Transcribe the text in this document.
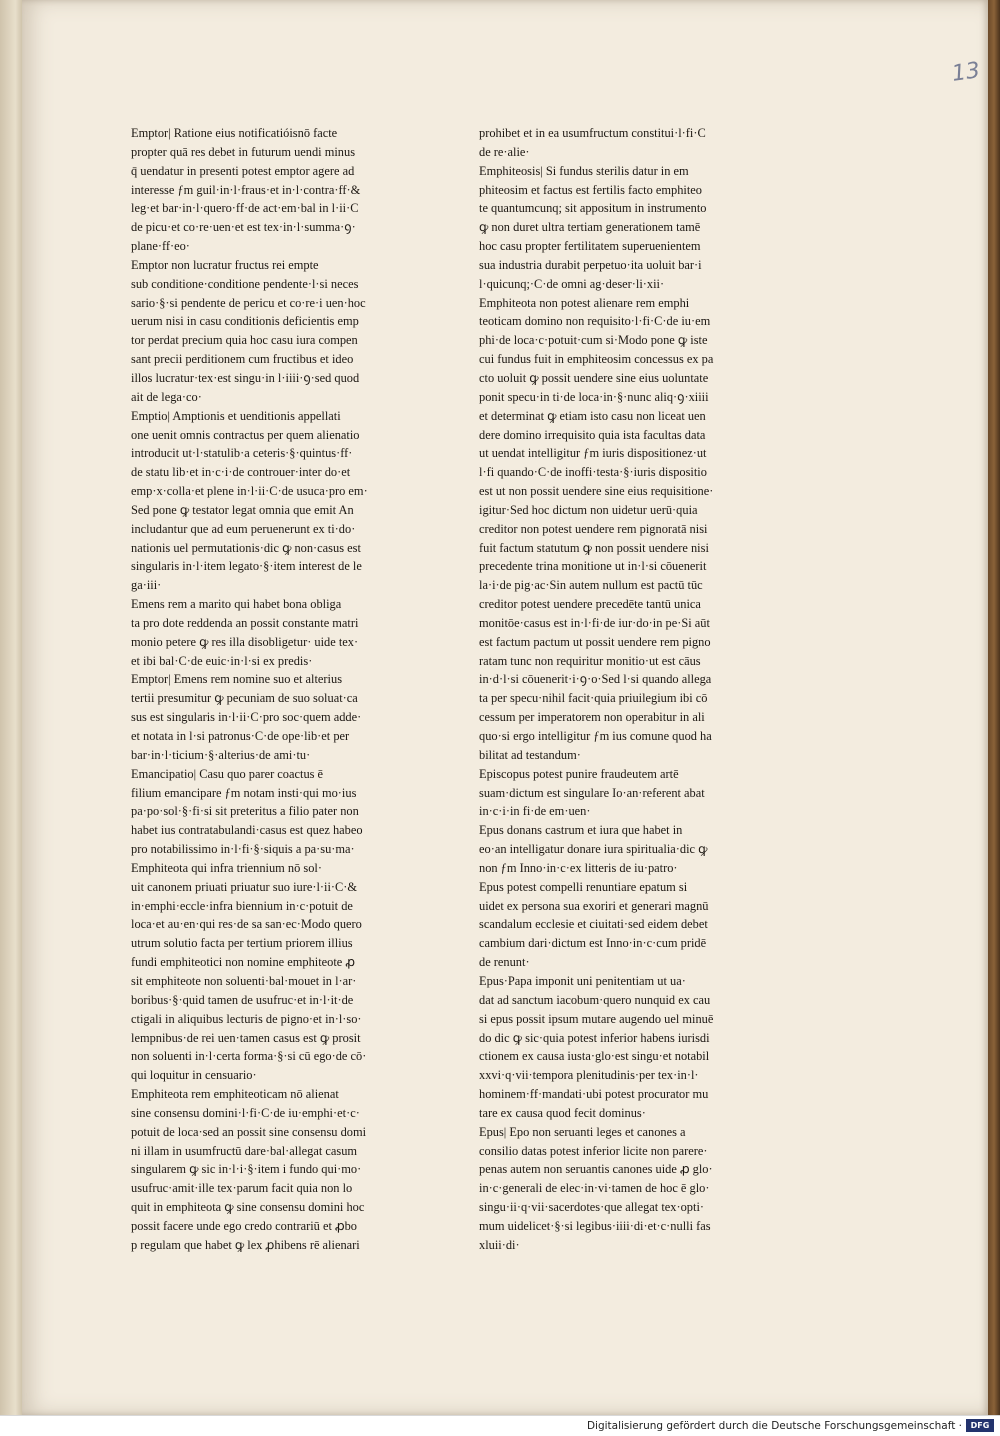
13
Emptor| Ratione eius notificatióisnō facte
propter quā res debet in futurum uendi minus
q̄ uendatur in presenti potest emptor agere ad
interesse ƒm guil·in·l·fraus·et in·l·contra·ff·&
leg·et bar·in·l·quero·ff·de act·em·bal in l·ii·C
de picu·et co·re·uen·et est tex·in·l·summa·ꝯ·
plane·ff·eo·
Emptor non lucratur fructus rei empte
sub conditione·conditione pendente·l·si neces
sario·§·si pendente de pericu et co·re·i uen·hoc
uerum nisi in casu conditionis deficientis emp
tor perdat precium quia hoc casu iura compen
sant precii perditionem cum fructibus et ideo
illos lucratur·tex·est singu·in l·iiii·ꝯ·sed quod
ait de lega·co·
Emptio| Amptionis et uenditionis appellati
one uenit omnis contractus per quem alienatio
introducit ut·l·statulib·a ceteris·§·quintus·ff·
de statu lib·et in·c·i·de controuer·inter do·et
emp·x·colla·et plene in·l·ii·C·de usuca·pro em·
Sed pone ꝙ testator legat omnia que emit An
includantur que ad eum peruenerunt ex ti·do·
nationis uel permutationis·dic ꝙ non·casus est
singularis in·l·item legato·§·item interest de le
ga·iii·
Emens rem a marito qui habet bona obliga
ta pro dote reddenda an possit constante matri
monio petere ꝙ res illa disobligetur· uide tex·
et ibi bal·C·de euic·in·l·si ex predis·
Emptor| Emens rem nomine suo et alterius
tertii presumitur ꝙ pecuniam de suo soluat·ca
sus est singularis in·l·ii·C·pro soc·quem adde·
et notata in l·si patronus·C·de ope·lib·et per
bar·in·l·ticium·§·alterius·de ami·tu·
Emancipatio| Casu quo parer coactus ē
filium emancipare ƒm notam insti·qui mo·ius
pa·po·sol·§·fi·si sit preteritus a filio pater non
habet ius contratabulandi·casus est quez habeo
pro notabilissimo in·l·fi·§·siquis a pa·su·ma·
Emphiteota qui infra triennium nō sol·
uit canonem priuati priuatur suo iure·l·ii·C·&
in·emphi·eccle·infra biennium in·c·potuit de
loca·et au·en·qui res·de sa san·ec·Modo quero
utrum solutio facta per tertium priorem illius
fundi emphiteotici non nomine emphiteote ꝓ
sit emphiteote non soluenti·bal·mouet in l·ar·
boribus·§·quid tamen de usufruc·et in·l·it·de
ctigali in aliquibus lecturis de pigno·et in·l·so·
lempnibus·de rei uen·tamen casus est ꝙ prosit
non soluenti in·l·certa forma·§·si cū ego·de cō·
qui loquitur in censuario·
Emphiteota rem emphiteoticam nō alienat
sine consensu domini·l·fi·C·de iu·emphi·et·c·
potuit de loca·sed an possit sine consensu domi
ni illam in usumfructū dare·bal·allegat casum
singularem ꝙ sic in·l·i·§·item i fundo qui·mo·
usufruc·amit·ille tex·parum facit quia non lo
quit in emphiteota ꝙ sine consensu domini hoc
possit facere unde ego credo contrariū et ꝓbo
p regulam que habet ꝙ lex ꝓhibens rē alienari
prohibet et in ea usumfructum constitui·l·fi·C
de re·alie·
Emphiteosis| Si fundus sterilis datur in em
phiteosim et factus est fertilis facto emphiteo
te quantumcunq; sit appositum in instrumento
ꝙ non duret ultra tertiam generationem tamē
hoc casu propter fertilitatem superuenientem
sua industria durabit perpetuo·ita uoluit bar·i
l·quicunq;·C·de omni ag·deser·li·xii·
Emphiteota non potest alienare rem emphi
teoticam domino non requisito·l·fi·C·de iu·em
phi·de loca·c·potuit·cum si·Modo pone ꝙ iste
cui fundus fuit in emphiteosim concessus ex pa
cto uoluit ꝙ possit uendere sine eius uoluntate
ponit specu·in ti·de loca·in·§·nunc aliq·ꝯ·xiiii
et determinat ꝙ etiam isto casu non liceat uen
dere domino irrequisito quia ista facultas data
ut uendat intelligitur ƒm iuris dispositionez·ut
l·fi quando·C·de inoffi·testa·§·iuris dispositio
est ut non possit uendere sine eius requisitione·
igitur·Sed hoc dictum non uidetur uerū·quia
creditor non potest uendere rem pignoratā nisi
fuit factum statutum ꝙ non possit uendere nisi
precedente trina monitione ut in·l·si cōuenerit
la·i·de pig·ac·Sin autem nullum est pactū tūc
creditor potest uendere precedēte tantū unica
monitōe·casus est in·l·fi·de iur·do·in pe·Si aūt
est factum pactum ut possit uendere rem pigno
ratam tunc non requiritur monitio·ut est cāus
in·d·l·si cōuenerit·i·ꝯ·o·Sed l·si quando allega
ta per specu·nihil facit·quia priuilegium ibi cō
cessum per imperatorem non operabitur in ali
quo·si ergo intelligitur ƒm ius comune quod ha
bilitat ad testandum·
Episcopus potest punire fraudeutem artē
suam·dictum est singulare Io·an·referent abat
in·c·i·in fi·de em·uen·
Epus donans castrum et iura que habet in
eo·an intelligatur donare iura spiritualia·dic ꝙ
non ƒm Inno·in·c·ex litteris de iu·patro·
Epus potest compelli renuntiare epatum si
uidet ex persona sua exoriri et generari magnū
scandalum ecclesie et ciuitati·sed eidem debet
cambium dari·dictum est Inno·in·c·cum pridē
de renunt·
Epus·Papa imponit uni penitentiam ut ua·
dat ad sanctum iacobum·quero nunquid ex cau
si epus possit ipsum mutare augendo uel minuē
do dic ꝙ sic·quia potest inferior habens iurisdi
ctionem ex causa iusta·glo·est singu·et notabil
xxvi·q·vii·tempora plenitudinis·per tex·in·l·
hominem·ff·mandati·ubi potest procurator mu
tare ex causa quod fecit dominus·
Epus| Epo non seruanti leges et canones a
consilio datas potest inferior licite non parere·
penas autem non seruantis canones uide ꝓ glo·
in·c·generali de elec·in·vi·tamen de hoc ē glo·
singu·ii·q·vii·sacerdotes·que allegat tex·opti·
mum uidelicet·§·si legibus·iiii·di·et·c·nulli fas
xluii·di·
Digitalisierung gefördert durch die Deutsche Forschungsgemeinschaft ·	DFG
